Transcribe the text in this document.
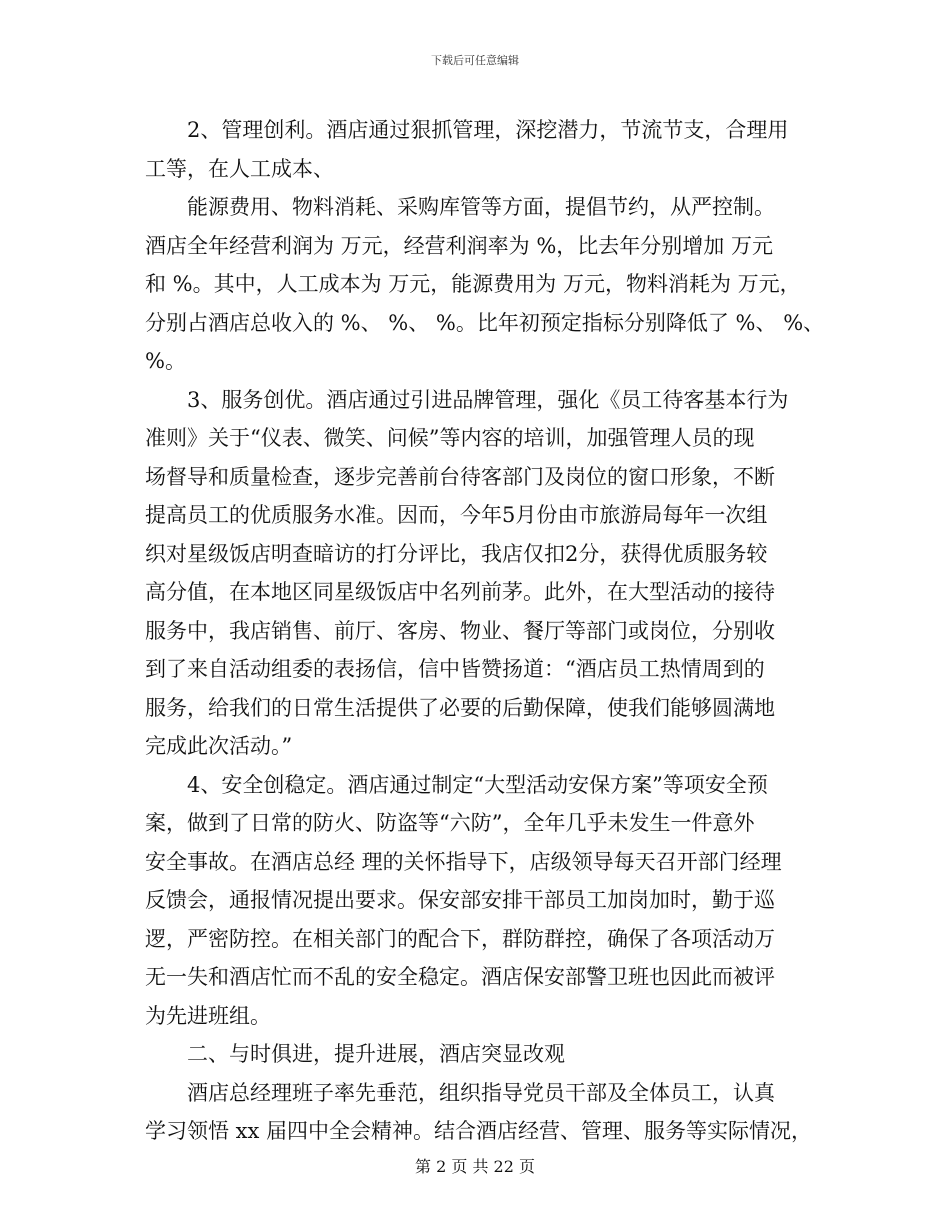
下载后可任意编辑
2、管理创利。酒店通过狠抓管理，深挖潜力，节流节支，合理用
工等，在人工成本、
能源费用、物料消耗、采购库管等方面，提倡节约，从严控制。
酒店全年经营利润为 万元，经营利润率为 %，比去年分别增加 万元
和 %。其中，人工成本为 万元，能源费用为 万元，物料消耗为 万元，
分别占酒店总收入的 %、 %、 %。比年初预定指标分别降低了 %、 %、
%。
3、服务创优。酒店通过引进品牌管理，强化《员工待客基本行为
准则》关于“仪表、微笑、问候”等内容的培训，加强管理人员的现
场督导和质量检查，逐步完善前台待客部门及岗位的窗口形象，不断
提高员工的优质服务水准。因而，今年5月份由市旅游局每年一次组
织对星级饭店明查暗访的打分评比，我店仅扣2分，获得优质服务较
高分值，在本地区同星级饭店中名列前茅。此外，在大型活动的接待
服务中，我店销售、前厅、客房、物业、餐厅等部门或岗位，分别收
到了来自活动组委的表扬信，信中皆赞扬道：“酒店员工热情周到的
服务，给我们的日常生活提供了必要的后勤保障，使我们能够圆满地
完成此次活动。”
4、安全创稳定。酒店通过制定“大型活动安保方案”等项安全预
案，做到了日常的防火、防盗等“六防”，全年几乎未发生一件意外
安全事故。在酒店总经 理的关怀指导下，店级领导每天召开部门经理
反馈会，通报情况提出要求。保安部安排干部员工加岗加时，勤于巡
逻，严密防控。在相关部门的配合下，群防群控，确保了各项活动万
无一失和酒店忙而不乱的安全稳定。酒店保安部警卫班也因此而被评
为先进班组。
二、与时俱进，提升进展，酒店突显改观
酒店总经理班子率先垂范，组织指导党员干部及全体员工，认真
学习领悟 xx 届四中全会精神。结合酒店经营、管理、服务等实际情况，
第 2 页 共 22 页
